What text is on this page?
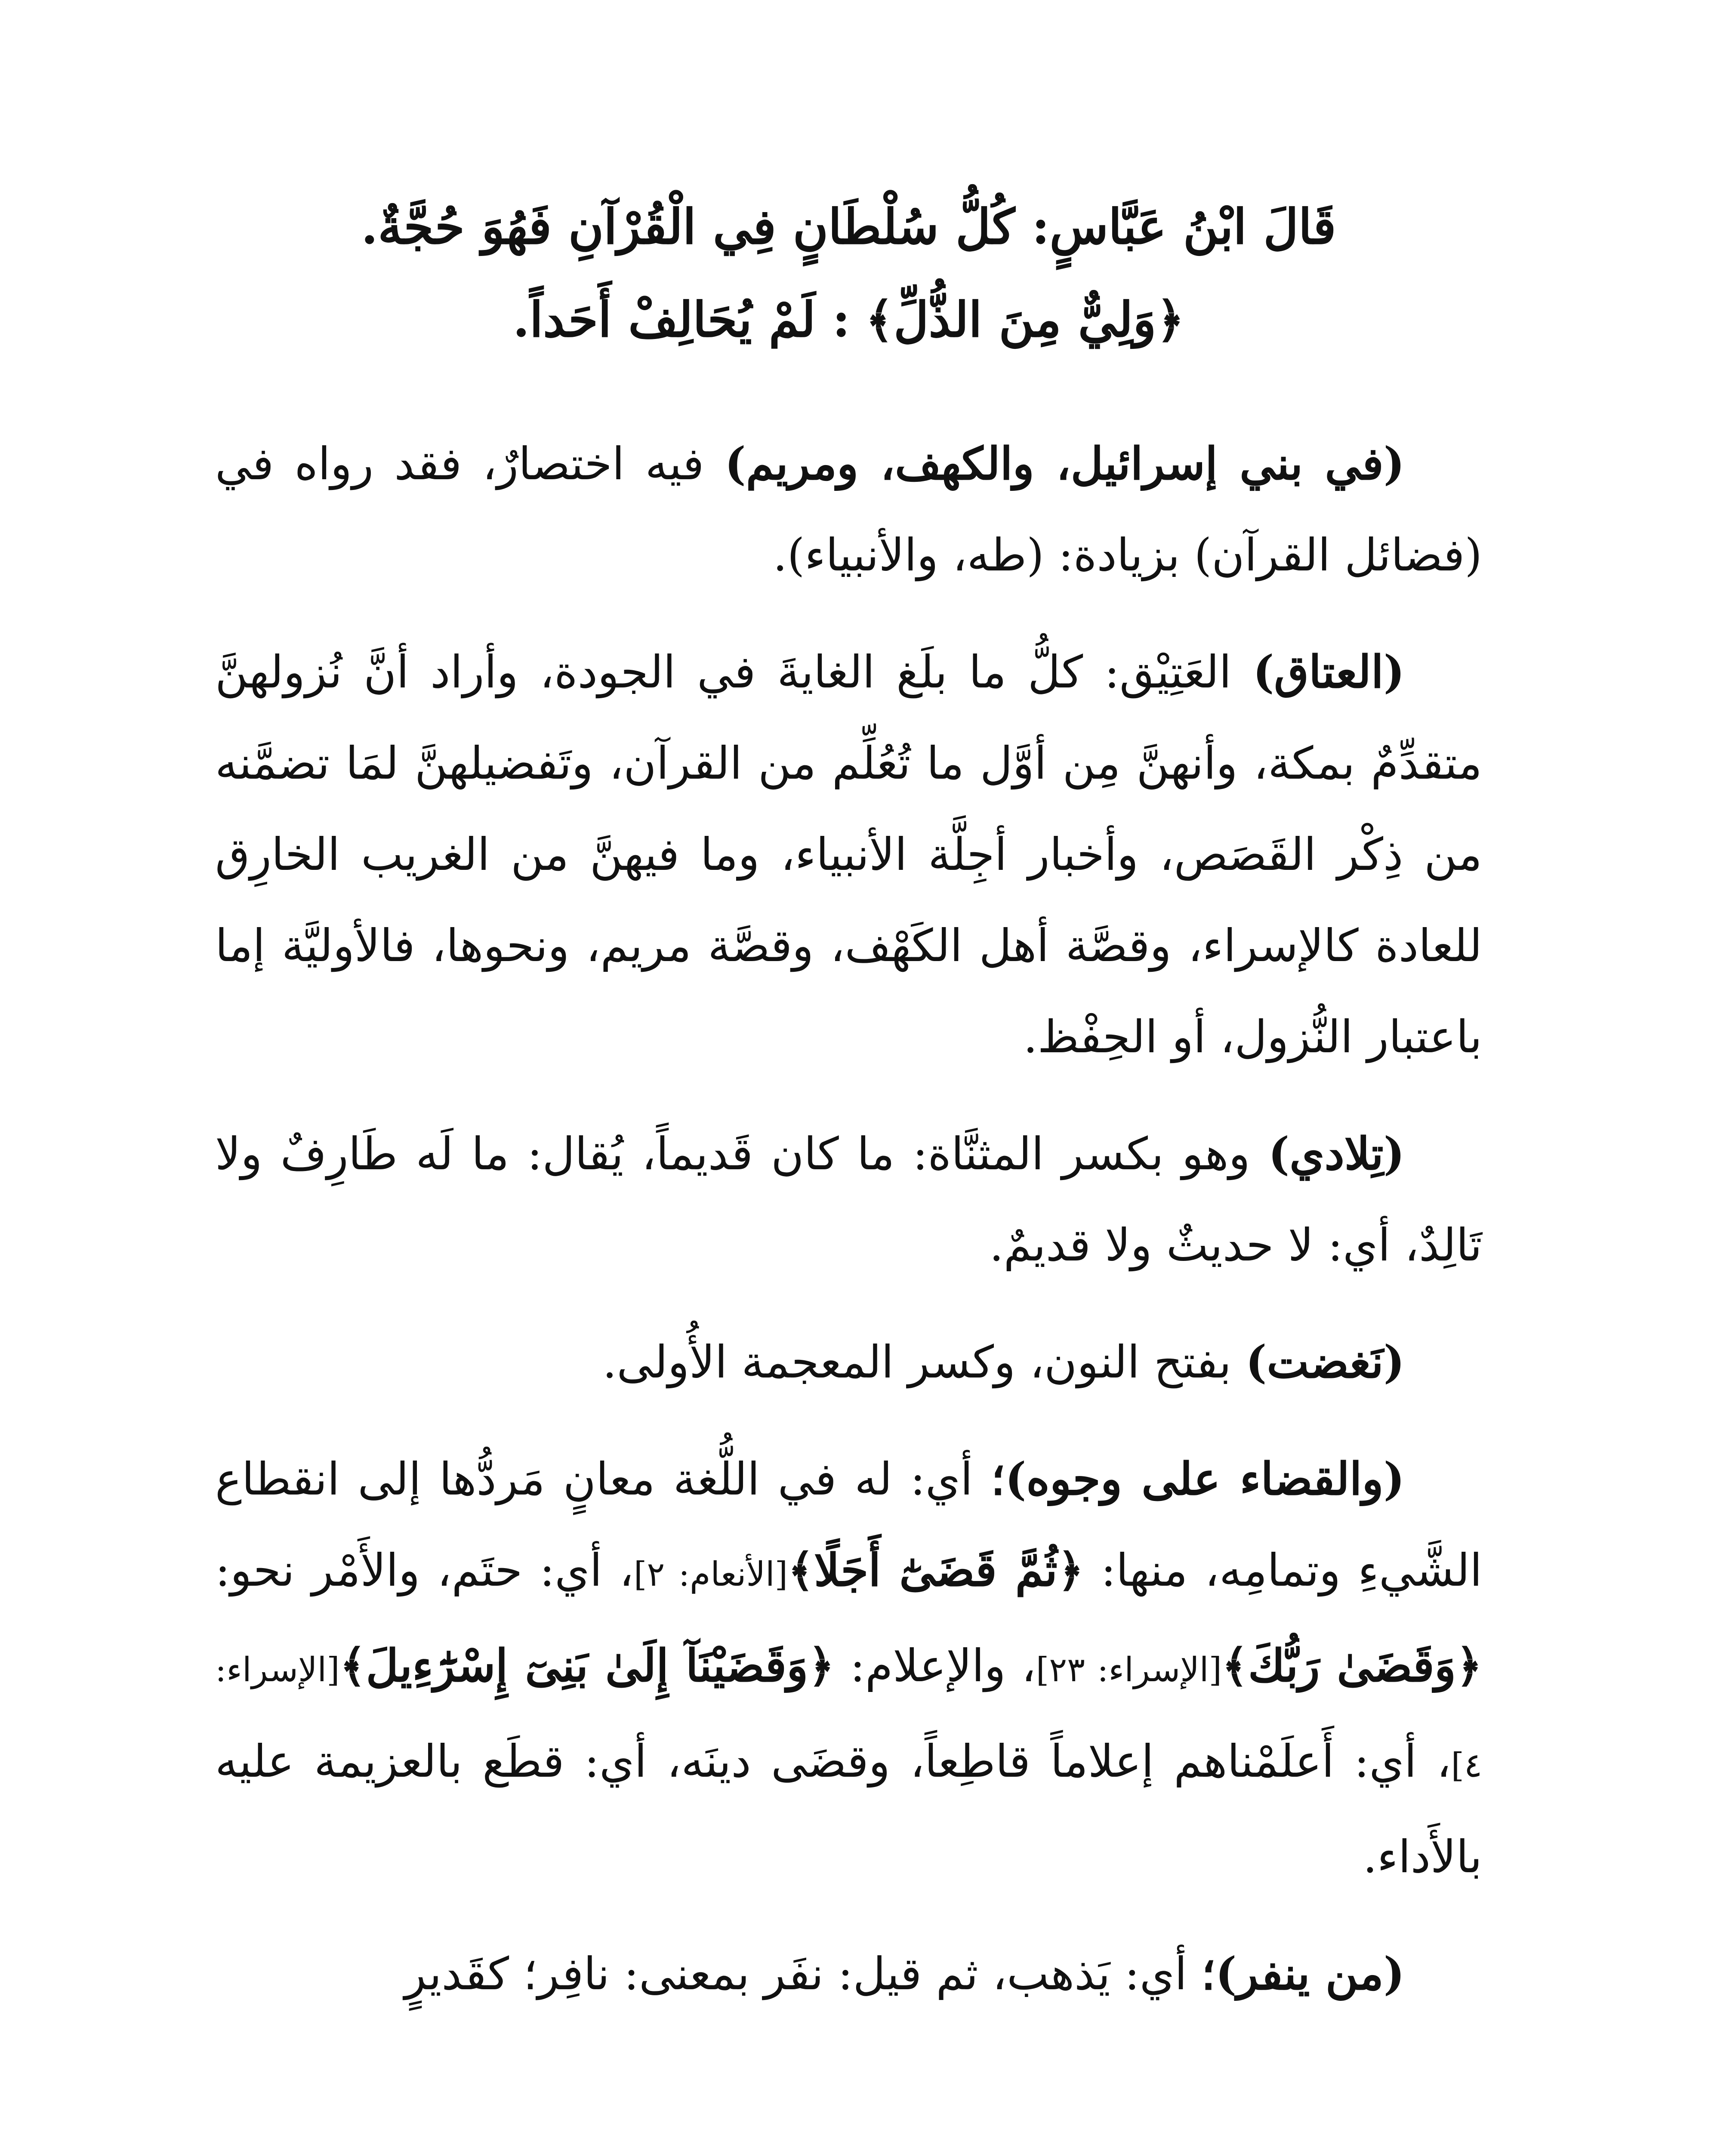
قَالَ ابْنُ عَبَّاسٍ: كُلُّ سُلْطَانٍ فِي الْقُرْآنِ فَهُوَ حُجَّةٌ.

﴿وَلِيٌّ مِنَ الذُّلِّ﴾ : لَمْ يُحَالِفْ أَحَداً.

(في بني إسرائيل، والكهف، ومريم) فيه اختصارٌ، فقد رواه في (فضائل القرآن) بزيادة: (طه، والأنبياء).

(العتاق) العَتِيْق: كلُّ ما بلَغ الغايةَ في الجودة، وأراد أنَّ نُزولهنَّ متقدِّمٌ بمكة، وأنهنَّ مِن أوَّل ما تُعُلِّم من القرآن، وتَفضيلهنَّ لمَا تضمَّنه من ذِكْر القَصَص، وأخبار أجِلَّة الأنبياء، وما فيهنَّ من الغريب الخارِق للعادة كالإسراء، وقصَّة أهل الكَهْف، وقصَّة مريم، ونحوها، فالأوليَّة إما باعتبار النُّزول، أو الحِفْظ.

(تِلادي) وهو بكسر المثنَّاة: ما كان قَديماً، يُقال: ما لَه طَارِفٌ ولا تَالِدٌ، أي: لا حديثٌ ولا قديمٌ.

(نَغضت) بفتح النون، وكسر المعجمة الأُولى.

(والقضاء على وجوه)؛ أي: له في اللُّغة معانٍ مَردُّها إلى انقطاع الشَّيءِ وتمامِه، منها: ﴿ثُمَّ قَضَىٰٓ أَجَلًا﴾[الأنعام: ٢]، أي: حتَم، والأَمْر نحو: ﴿وَقَضَىٰ رَبُّكَ﴾[الإسراء: ٢٣]، والإعلام: ﴿وَقَضَيْنَآ إِلَىٰ بَنِىٓ إِسْرَٰٓءِيلَ﴾[الإسراء: ٤]، أي: أَعلَمْناهم إعلاماً قاطِعاً، وقضَى دينَه، أي: قطَع بالعزيمة عليه بالأَداء.

(من ينفر)؛ أي: يَذهب، ثم قيل: نفَر بمعنى: نافِر؛ كقَديرٍ
